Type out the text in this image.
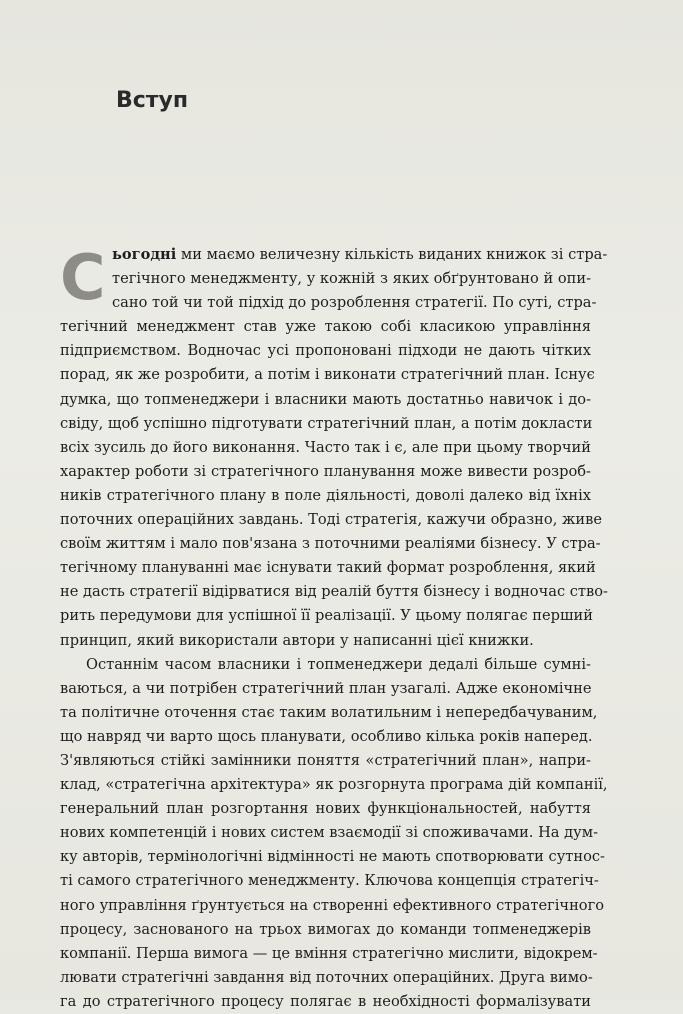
Вступ
С ьогодні ми маємо величезну кількість виданих книжок зі стра-
тегічного менеджменту, у кожній з яких обґрунтовано й опи-
сано той чи той підхід до розроблення стратегії. По суті, стра-
тегічний менеджмент став уже такою собі класикою управління
підприємством. Водночас усі пропоновані підходи не дають чітких
порад, як же розробити, а потім і виконати стратегічний план. Існує
думка, що топменеджери і власники мають достатньо навичок і до-
свіду, щоб успішно підготувати стратегічний план, а потім докласти
всіх зусиль до його виконання. Часто так і є, але при цьому творчий
характер роботи зі стратегічного планування може вивести розроб-
ників стратегічного плану в поле діяльності, доволі далеко від їхніх
поточних операційних завдань. Тоді стратегія, кажучи образно, живе
своїм життям і мало пов'язана з поточними реаліями бізнесу. У стра-
тегічному плануванні має існувати такий формат розроблення, який
не дасть стратегії відірватися від реалій буття бізнесу і водночас ство-
рить передумови для успішної її реалізації. У цьому полягає перший
принцип, який використали автори у написанні цієї книжки.
Останнім часом власники і топменеджери дедалі більше сумні-
ваються, а чи потрібен стратегічний план узагалі. Адже економічне
та політичне оточення стає таким волатильним і непередбачуваним,
що навряд чи варто щось планувати, особливо кілька років наперед.
З'являються стійкі замінники поняття «стратегічний план», напри-
клад, «стратегічна архітектура» як розгорнута програма дій компанії,
генеральний план розгортання нових функціональностей, набуття
нових компетенцій і нових систем взаємодії зі споживачами. На дум-
ку авторів, термінологічні відмінності не мають спотворювати сутнос-
ті самого стратегічного менеджменту. Ключова концепція стратегіч-
ного управління ґрунтується на створенні ефективного стратегічного
процесу, заснованого на трьох вимогах до команди топменеджерів
компанії. Перша вимога — це вміння стратегічно мислити, відокрем-
лювати стратегічні завдання від поточних операційних. Друга вимо-
га до стратегічного процесу полягає в необхідності формалізувати
